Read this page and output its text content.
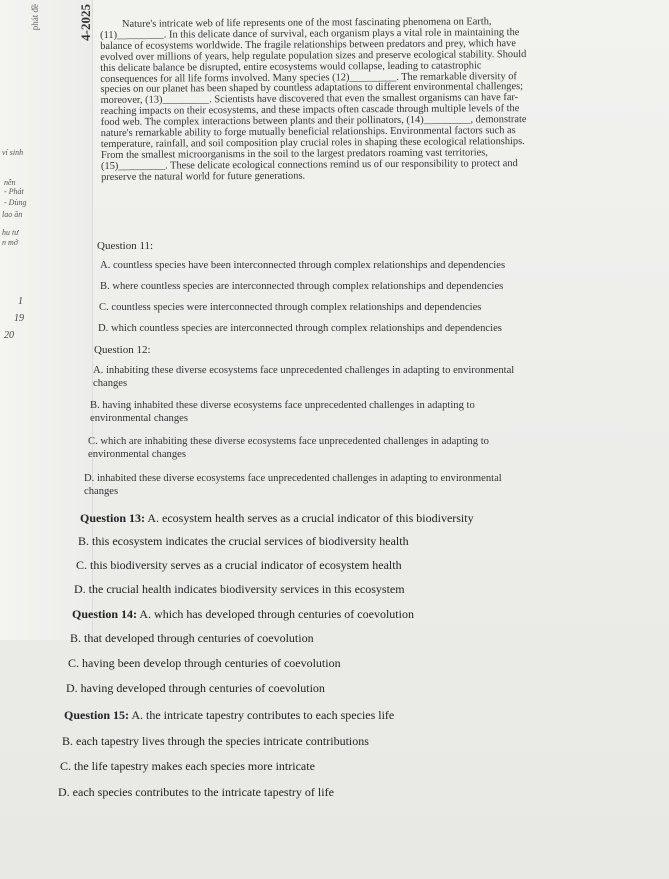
4-2025
phát đề
ví sinh
nền
- Phát
- Dùng
lao ăn
hu tư
n mở
1
19
20
Nature's intricate web of life represents one of the most fascinating phenomena on Earth,
(11)_________. In this delicate dance of survival, each organism plays a vital role in maintaining the
balance of ecosystems worldwide. The fragile relationships between predators and prey, which have
evolved over millions of years, help regulate population sizes and preserve ecological stability. Should
this delicate balance be disrupted, entire ecosystems would collapse, leading to catastrophic
consequences for all life forms involved. Many species (12)_________. The remarkable diversity of
species on our planet has been shaped by countless adaptations to different environmental challenges;
moreover, (13)_________. Scientists have discovered that even the smallest organisms can have far-
reaching impacts on their ecosystems, and these impacts often cascade through multiple levels of the
food web. The complex interactions between plants and their pollinators, (14)_________, demonstrate
nature's remarkable ability to forge mutually beneficial relationships. Environmental factors such as
temperature, rainfall, and soil composition play crucial roles in shaping these ecological relationships.
From the smallest microorganisms in the soil to the largest predators roaming vast territories,
(15)_________. These delicate ecological connections remind us of our responsibility to protect and
preserve the natural world for future generations.
Question 11:
A. countless species have been interconnected through complex relationships and dependencies
B. where countless species are interconnected through complex relationships and dependencies
C. countless species were interconnected through complex relationships and dependencies
D. which countless species are interconnected through complex relationships and dependencies
Question 12:
A. inhabiting these diverse ecosystems face unprecedented challenges in adapting to environmental
changes
B. having inhabited these diverse ecosystems face unprecedented challenges in adapting to
environmental changes
C. which are inhabiting these diverse ecosystems face unprecedented challenges in adapting to
environmental changes
D. inhabited these diverse ecosystems face unprecedented challenges in adapting to environmental
changes
Question 13: A. ecosystem health serves as a crucial indicator of this biodiversity
B. this ecosystem indicates the crucial services of biodiversity health
C. this biodiversity serves as a crucial indicator of ecosystem health
D. the crucial health indicates biodiversity services in this ecosystem
Question 14: A. which has developed through centuries of coevolution
B. that developed through centuries of coevolution
C. having been develop through centuries of coevolution
D. having developed through centuries of coevolution
Question 15: A. the intricate tapestry contributes to each species life
B. each tapestry lives through the species intricate contributions
C. the life tapestry makes each species more intricate
D. each species contributes to the intricate tapestry of life
